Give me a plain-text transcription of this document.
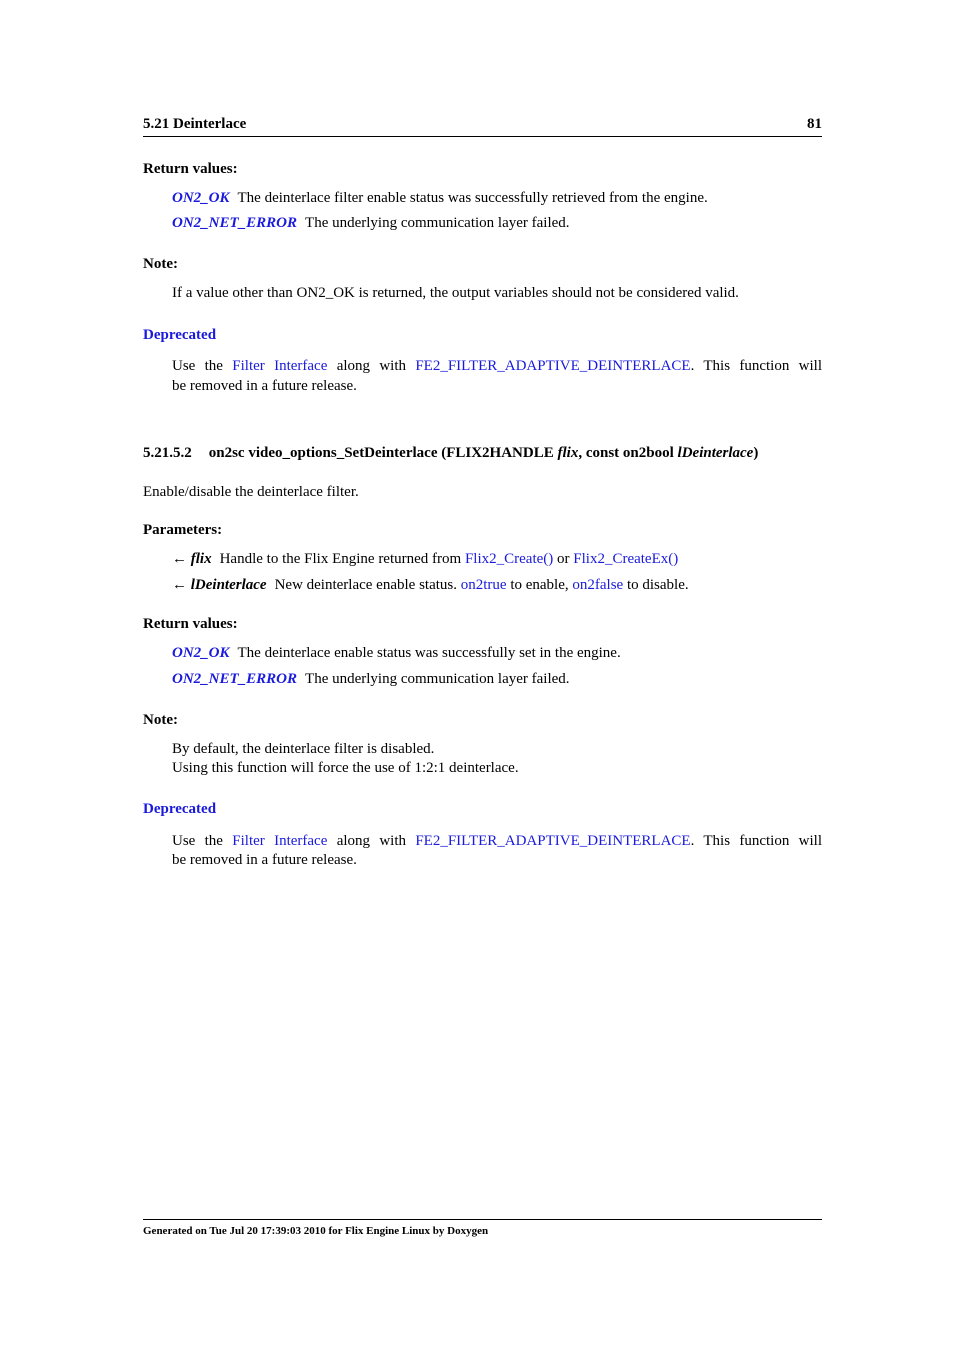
5.21 Deinterlace	81
Return values:
ON2_OK The deinterlace filter enable status was successfully retrieved from the engine.
ON2_NET_ERROR The underlying communication layer failed.
Note:
If a value other than ON2_OK is returned, the output variables should not be considered valid.
Deprecated
Use the Filter Interface along with FE2_FILTER_ADAPTIVE_DEINTERLACE. This function will
be removed in a future release.
5.21.5.2 on2sc video_options_SetDeinterlace (FLIX2HANDLE flix, const on2bool lDeinterlace)
Enable/disable the deinterlace filter.
Parameters:
← flix Handle to the Flix Engine returned from Flix2_Create() or Flix2_CreateEx()
← lDeinterlace New deinterlace enable status. on2true to enable, on2false to disable.
Return values:
ON2_OK The deinterlace enable status was successfully set in the engine.
ON2_NET_ERROR The underlying communication layer failed.
Note:
By default, the deinterlace filter is disabled.
Using this function will force the use of 1:2:1 deinterlace.
Deprecated
Use the Filter Interface along with FE2_FILTER_ADAPTIVE_DEINTERLACE. This function will
be removed in a future release.
Generated on Tue Jul 20 17:39:03 2010 for Flix Engine Linux by Doxygen
